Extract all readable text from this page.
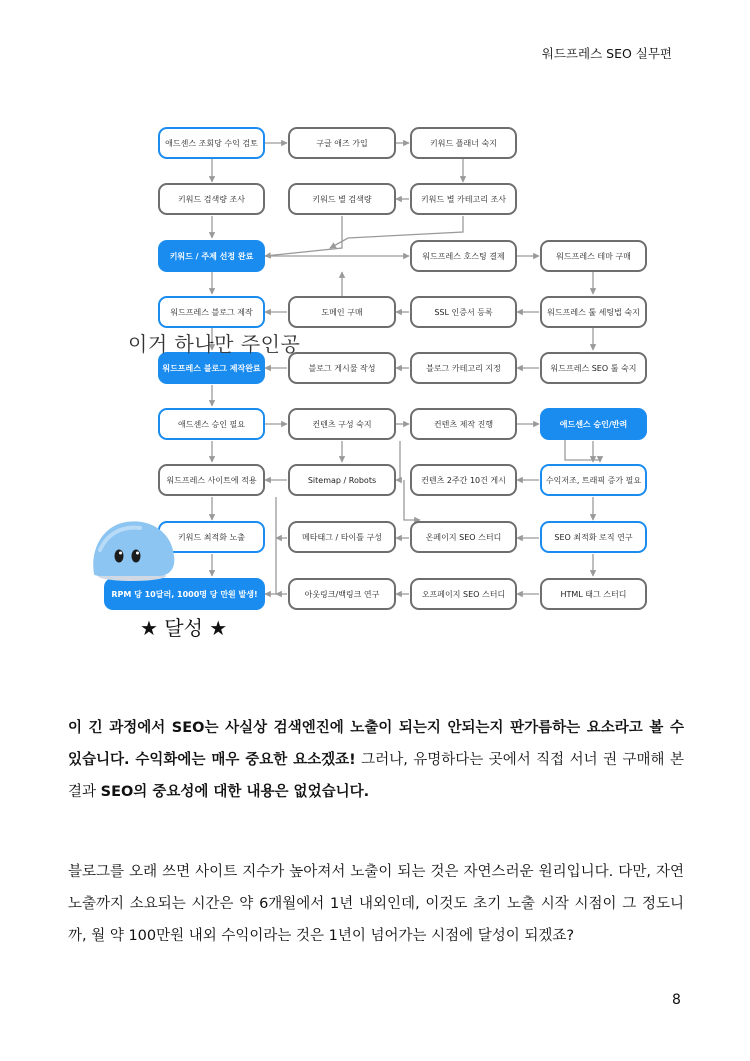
워드프레스 SEO 실무편
애드센스 조회당 수익 검토	구글 애즈 가입	키워드 플래너 숙지
키워드 검색량 조사	키워드 별 검색량	키워드 별 카테고리 조사
키워드 / 주제 선정 완료	워드프레스 호스팅 결제	워드프레스 테마 구매
워드프레스 블로그 제작	도메인 구매	SSL 인증서 등록	워드프레스 툴 세팅법 숙지
워드프레스 블로그 제작완료	블로그 게시물 작성	블로그 카테고리 지정	워드프레스 SEO 툴 숙지
애드센스 승인 필요	컨텐츠 구성 숙지	컨텐츠 제작 진행	애드센스 승인/반려
워드프레스 사이트에 적용	Sitemap / Robots	컨텐츠 2주간 10건 게시	수익저조, 트래픽 증가 필요
키워드 최적화 노출	메타태그 / 타이틀 구성	온페이지 SEO 스터디	SEO 최적화 로직 연구
RPM 당 10달러, 1000명 당 만원 발생!	아웃링크/백링크 연구	오프페이지 SEO 스터디	HTML 태그 스터디
이거 하나만 주인공
★ 달성 ★
이 긴 과정에서 SEO는 사실상 검색엔진에 노출이 되는지 안되는지 판가름하는 요소라고 볼 수 있습니다. 수익화에는 매우 중요한 요소겠죠! 그러나, 유명하다는 곳에서 직접 서너 권 구매해 본 결과 SEO의 중요성에 대한 내용은 없었습니다.
블로그를 오래 쓰면 사이트 지수가 높아져서 노출이 되는 것은 자연스러운 원리입니다. 다만, 자연노출까지 소요되는 시간은 약 6개월에서 1년 내외인데, 이것도 초기 노출 시작 시점이 그 정도니까, 월 약 100만원 내외 수익이라는 것은 1년이 넘어가는 시점에 달성이 되겠죠?
8
